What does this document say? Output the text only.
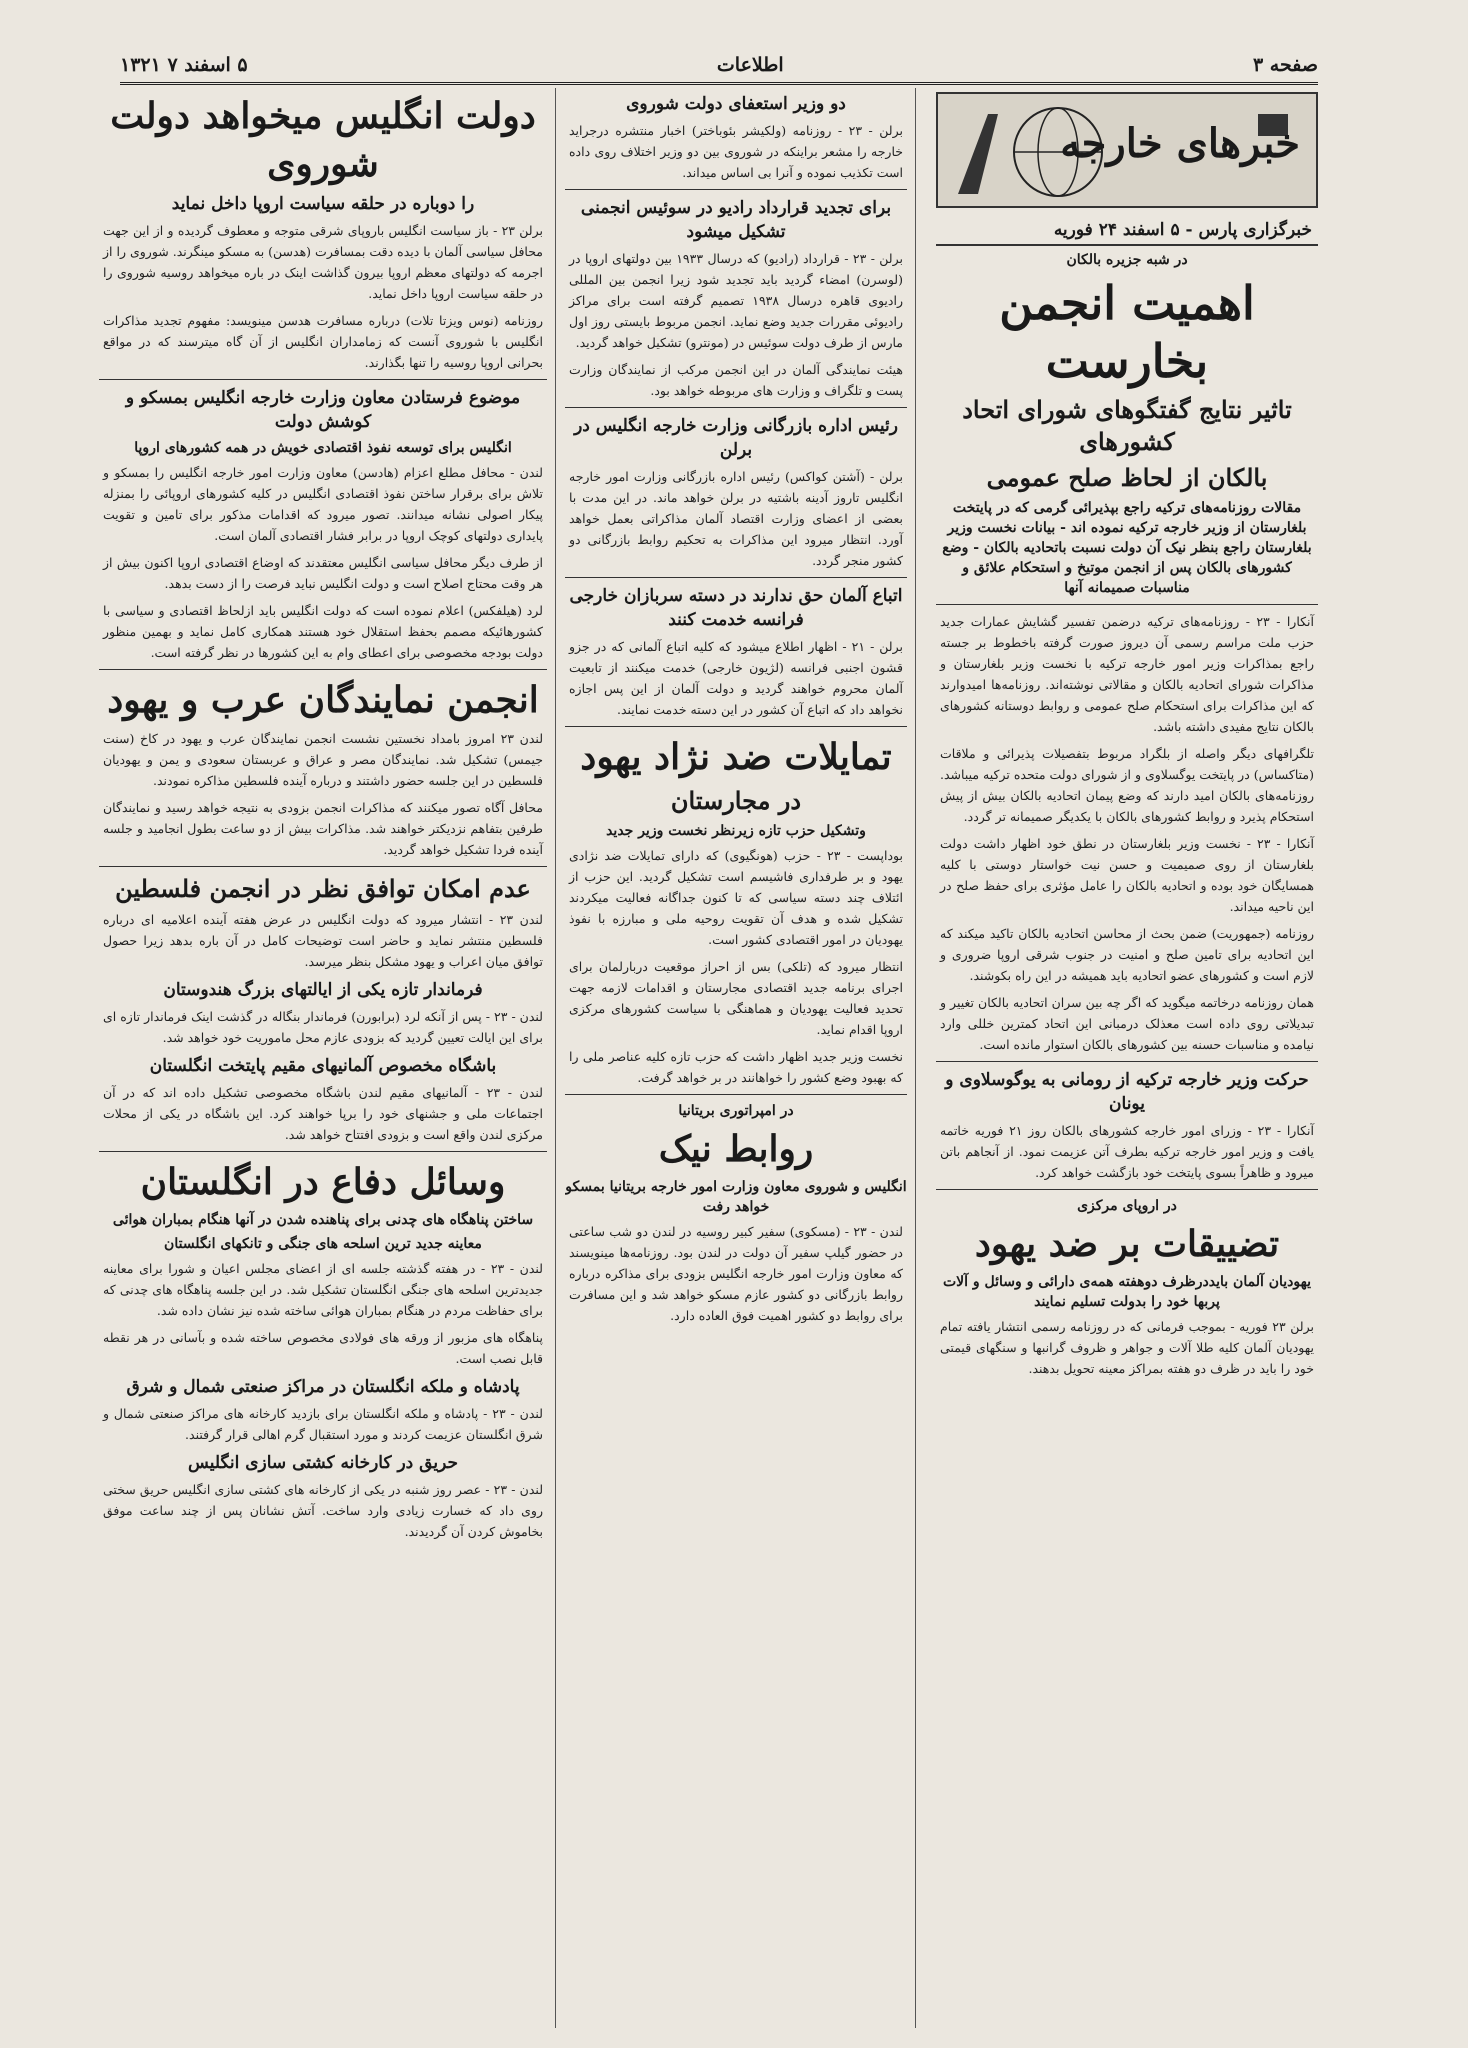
صفحه ۳
اطلاعات
۵ اسفند ۷ ۱۳۲۱
خبرهای خارجه
خبرگزاری پارس - ۵ اسفند ۲۴ فوریه
در شبه جزیره بالکان
اهمیت انجمن بخارست
تاثیر نتایج گفتگوهای شورای اتحاد کشورهای
بالکان از لحاظ صلح عمومی
مقالات روزنامه‌های ترکیه راجع بپذیرائی گرمی که در پایتخت بلغارستان از وزیر خارجه ترکیه نموده اند - بیانات نخست وزیر بلغارستان راجع بنظر نیک آن دولت نسبت باتحادیه بالکان - وضع کشورهای بالکان پس از انجمن موتیخ و استحکام علائق و مناسبات صمیمانه آنها

آنکارا - ۲۳ - روزنامه‌های ترکیه درضمن تفسیر گشایش عمارات جدید حزب ملت مراسم رسمی آن دیروز صورت گرفته باخطوط بر جسته راجع بمذاکرات وزیر امور خارجه ترکیه با نخست وزیر بلغارستان و مذاکرات شورای اتحادیه بالکان و مقالاتی نوشته‌اند. روزنامه‌ها امیدوارند که این مذاکرات برای استحکام صلح عمومی و روابط دوستانه کشورهای بالکان نتایج مفیدی داشته باشد.

تلگرافهای دیگر واصله از بلگراد مربوط بتفصیلات پذیرائی و ملاقات (متاکساس) در پایتخت یوگسلاوی و از شورای دولت متحده ترکیه میباشد. روزنامه‌های بالکان امید دارند که وضع پیمان اتحادیه بالکان بیش از پیش استحکام پذیرد و روابط کشورهای بالکان با یکدیگر صمیمانه تر گردد.

آنکارا - ۲۳ - نخست وزیر بلغارستان در نطق خود اظهار داشت دولت بلغارستان از روی صمیمیت و حسن نیت خواستار دوستی با کلیه همسایگان خود بوده و اتحادیه بالکان را عامل مؤثری برای حفظ صلح در این ناحیه میداند.

روزنامه (جمهوریت) ضمن بحث از محاسن اتحادیه بالکان تاکید میکند که این اتحادیه برای تامین صلح و امنیت در جنوب شرقی اروپا ضروری و لازم است و کشورهای عضو اتحادیه باید همیشه در این راه بکوشند.

همان روزنامه درخاتمه میگوید که اگر چه بین سران اتحادیه بالکان تغییر و تبدیلاتی روی داده است معذلک درمبانی این اتحاد کمترین خللی وارد نیامده و مناسبات حسنه بین کشورهای بالکان استوار مانده است.

حرکت وزیر خارجه ترکیه از رومانی به یوگوسلاوی و یونان

آنکارا - ۲۳ - وزرای امور خارجه کشورهای بالکان روز ۲۱ فوریه خاتمه یافت و وزیر امور خارجه ترکیه بطرف آتن عزیمت نمود. از آنجاهم باتن میرود و ظاهراً بسوی پایتخت خود بازگشت خواهد کرد.

در اروپای مرکزی
تضییقات بر ضد یهود
یهودیان آلمان بایددرظرف دوهفته همه‌ی دارائی و وسائل و آلات پربها خود را بدولت تسلیم نمایند

برلن ۲۳ فوریه - بموجب فرمانی که در روزنامه رسمی انتشار یافته تمام یهودیان آلمان کلیه طلا آلات و جواهر و ظروف گرانبها و سنگهای قیمتی خود را باید در ظرف دو هفته بمراکز معینه تحویل بدهند.

دو وزیر استعفای دولت شوروی

برلن - ۲۳ - روزنامه (ولکیشر بئوباختر) اخبار منتشره درجراید خارجه را مشعر براینکه در شوروی بین دو وزیر اختلاف روی داده است تکذیب نموده و آنرا بی اساس میداند.

برای تجدید قرارداد رادیو در سوئیس انجمنی تشکیل میشود

برلن - ۲۳ - قرارداد (رادیو) که درسال ۱۹۳۳ بین دولتهای اروپا در (لوسرن) امضاء گردید باید تجدید شود زیرا انجمن بین المللی رادیوی قاهره درسال ۱۹۳۸ تصمیم گرفته است برای مراکز رادیوئی مقررات جدید وضع نماید. انجمن مربوط بایستی روز اول مارس از طرف دولت سوئیس در (مونترو) تشکیل خواهد گردید.

هیئت نمایندگی آلمان در این انجمن مرکب از نمایندگان وزارت پست و تلگراف و وزارت های مربوطه خواهد بود.

رئیس اداره بازرگانی وزارت خارجه انگلیس در برلن

برلن - (آشتن کواکس) رئیس اداره بازرگانی وزارت امور خارجه انگلیس تاروز آدینه باشتیه در برلن خواهد ماند. در این مدت با بعضی از اعضای وزارت اقتصاد آلمان مذاکراتی بعمل خواهد آورد. انتظار میرود این مذاکرات به تحکیم روابط بازرگانی دو کشور منجر گردد.

اتباع آلمان حق ندارند در دسته سربازان خارجی فرانسه خدمت کنند

برلن - ۲۱ - اظهار اطلاع میشود که کلیه اتباع آلمانی که در جزو قشون اجنبی فرانسه (لژیون خارجی) خدمت میکنند از تابعیت آلمان محروم خواهند گردید و دولت آلمان از این پس اجازه نخواهد داد که اتباع آن کشور در این دسته خدمت نمایند.

تمایلات ضد نژاد یهود
در مجارستان
وتشکیل حزب تازه زیرنظر نخست وزیر جدید

بوداپست - ۲۳ - حزب (هونگیوی) که دارای تمایلات ضد نژادی یهود و بر طرفداری فاشیسم است تشکیل گردید. این حزب از ائتلاف چند دسته سیاسی که تا کنون جداگانه فعالیت میکردند تشکیل شده و هدف آن تقویت روحیه ملی و مبارزه با نفوذ یهودیان در امور اقتصادی کشور است.

انتظار میرود که (تلکی) بس از احراز موقعیت دربارلمان برای اجرای برنامه جدید اقتصادی مجارستان و اقدامات لازمه جهت تحدید فعالیت یهودیان و هماهنگی با سیاست کشورهای مرکزی اروپا اقدام نماید.

نخست وزیر جدید اظهار داشت که حزب تازه کلیه عناصر ملی را که بهبود وضع کشور را خواهانند در بر خواهد گرفت.

در امپراتوری بریتانیا
روابط نیک
انگلیس و شوروی معاون وزارت امور خارجه بریتانیا بمسکو خواهد رفت

لندن - ۲۳ - (مسکوی) سفیر کبیر روسیه در لندن دو شب ساعتی در حضور گیلپ سفیر آن دولت در لندن بود. روزنامه‌ها مینویسند که معاون وزارت امور خارجه انگلیس بزودی برای مذاکره درباره روابط بازرگانی دو کشور عازم مسکو خواهد شد و این مسافرت برای روابط دو کشور اهمیت فوق العاده دارد.

دولت انگلیس میخواهد دولت شوروی
را دوباره در حلقه سیاست اروپا داخل نماید

برلن ۲۳ - باز سیاست انگلیس باروپای شرقی متوجه و معطوف گردیده و از این جهت محافل سیاسی آلمان با دیده دقت بمسافرت (هدسن) به مسکو مینگرند. شوروی را از اجرمه که دولتهای معظم اروپا بیرون گذاشت اینک در باره میخواهد روسیه شوروی را در حلقه سیاست اروپا داخل نماید.

روزنامه (نوس ویزتا تلات) درباره مسافرت هدسن مینویسد: مفهوم تجدید مذاکرات انگلیس با شوروی آنست که زمامداران انگلیس از آن گاه میترسند که در مواقع بحرانی اروپا روسیه را تنها بگذارند.

موضوع فرستادن معاون وزارت خارجه انگلیس بمسکو و کوشش دولت
انگلیس برای توسعه نفوذ اقتصادی خویش در همه کشورهای اروپا

لندن - محافل مطلع اعزام (هادسن) معاون وزارت امور خارجه انگلیس را بمسکو و تلاش برای برقرار ساختن نفوذ اقتصادی انگلیس در کلیه کشورهای اروپائی را بمنزله پیکار اصولی نشانه میدانند. تصور میرود که اقدامات مذکور برای تامین و تقویت پایداری دولتهای کوچک اروپا در برابر فشار اقتصادی آلمان است.

از طرف دیگر محافل سیاسی انگلیس معتقدند که اوضاع اقتصادی اروپا اکنون بیش از هر وقت محتاج اصلاح است و دولت انگلیس نباید فرصت را از دست بدهد.

لرد (هیلفکس) اعلام نموده است که دولت انگلیس باید ازلحاظ اقتصادی و سیاسی با کشورهائیکه مصمم بحفظ استقلال خود هستند همکاری کامل نماید و بهمین منظور دولت بودجه مخصوصی برای اعطای وام به این کشورها در نظر گرفته است.

انجمن نمایندگان عرب و یهود

لندن ۲۳ امروز بامداد نخستین نشست انجمن نمایندگان عرب و یهود در کاخ (سنت جیمس) تشکیل شد. نمایندگان مصر و عراق و عربستان سعودی و یمن و یهودیان فلسطین در این جلسه حضور داشتند و درباره آینده فلسطین مذاکره نمودند.

محافل آگاه تصور میکنند که مذاکرات انجمن بزودی به نتیجه خواهد رسید و نمایندگان طرفین بتفاهم نزدیکتر خواهند شد. مذاکرات بیش از دو ساعت بطول انجامید و جلسه آینده فردا تشکیل خواهد گردید.

عدم امکان توافق نظر در انجمن فلسطین

لندن ۲۳ - انتشار میرود که دولت انگلیس در عرض هفته آینده اعلامیه ای درباره فلسطین منتشر نماید و حاضر است توضیحات کامل در آن باره بدهد زیرا حصول توافق میان اعراب و یهود مشکل بنظر میرسد.

فرماندار تازه یکی از ایالتهای بزرگ هندوستان

لندن - ۲۳ - پس از آنکه لرد (برابورن) فرماندار بنگاله در گذشت اینک فرماندار تازه ای برای این ایالت تعیین گردید که بزودی عازم محل ماموریت خود خواهد شد.

باشگاه مخصوص آلمانیهای مقیم پایتخت انگلستان

لندن - ۲۳ - آلمانیهای مقیم لندن باشگاه مخصوصی تشکیل داده اند که در آن اجتماعات ملی و جشنهای خود را برپا خواهند کرد. این باشگاه در یکی از محلات مرکزی لندن واقع است و بزودی افتتاح خواهد شد.

وسائل دفاع در انگلستان
ساختن پناهگاه های چدنی برای پناهنده شدن در آنها هنگام بمباران هوائی
معاینه جدید ترین اسلحه های جنگی و تانکهای انگلستان

لندن - ۲۳ - در هفته گذشته جلسه ای از اعضای مجلس اعیان و شورا برای معاینه جدیدترین اسلحه های جنگی انگلستان تشکیل شد. در این جلسه پناهگاه های چدنی که برای حفاظت مردم در هنگام بمباران هوائی ساخته شده نیز نشان داده شد.

پناهگاه های مزبور از ورقه های فولادی مخصوص ساخته شده و بآسانی در هر نقطه قابل نصب است.

پادشاه و ملکه انگلستان در مراکز صنعتی شمال و شرق

لندن - ۲۳ - پادشاه و ملکه انگلستان برای بازدید کارخانه های مراکز صنعتی شمال و شرق انگلستان عزیمت کردند و مورد استقبال گرم اهالی قرار گرفتند.

حریق در کارخانه کشتی سازی انگلیس

لندن - ۲۳ - عصر روز شنبه در یکی از کارخانه های کشتی سازی انگلیس حریق سختی روی داد که خسارت زیادی وارد ساخت. آتش نشانان پس از چند ساعت موفق بخاموش کردن آن گردیدند.
